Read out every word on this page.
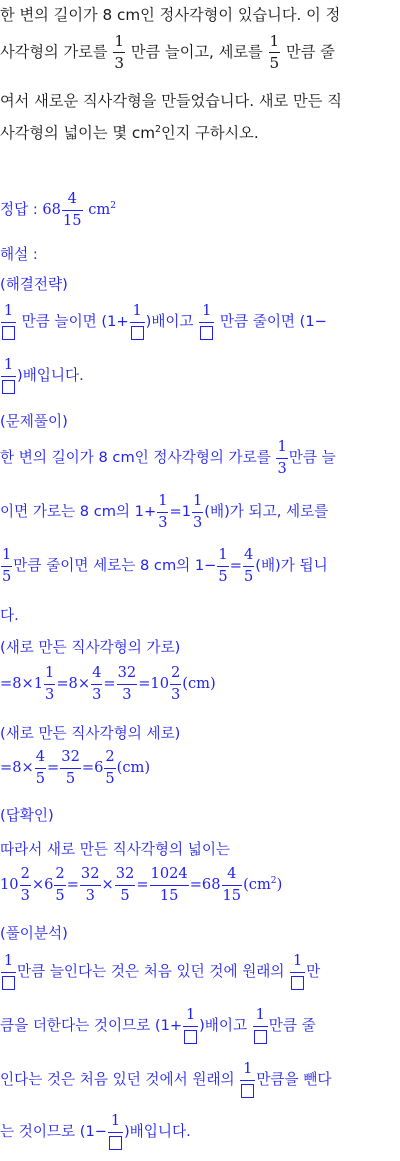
한 변의 길이가 8 cm인 정사각형이 있습니다. 이 정
사각형의 가로를 $\frac{1}{3}$ 만큼 늘이고, 세로를 $\frac{1}{5}$ 만큼 줄
여서 새로운 직사각형을 만들었습니다. 새로 만든 직
사각형의 넓이는 몇 $cm^2$인지 구하시오.
정답 : $68 \frac{4}{15} cm^2$
해설 :
(해결전략)
1
만큼 늘이면 (1+
1
)배이고
1
만큼 줄이면 (1−
1
)배입니다.
(문제풀이)
한 변의 길이가 8 cm인 정사각형의 가로를 $\frac{1}{3}$ 만큼 늘
이면 가로는 8 cm의 $1+ \frac{1}{3} =1 \frac{1}{3}$ (배)가 되고, 세로를
$\frac{1}{5}$ 만큼 줄이면 세로는 8 cm의 $1- \frac{1}{5} = \frac{4}{5}$ (배)가 됩니
다.
(새로 만든 직사각형의 가로)
$=8\times 1 \frac{1}{3} =8\times \frac{4}{3} = \frac{32}{3} =10 \frac{2}{3} (cm)$
(새로 만든 직사각형의 세로)
$=8\times \frac{4}{5} = \frac{32}{5} =6 \frac{2}{5} (cm)$
(답확인)
따라서 새로 만든 직사각형의 넓이는
$10 \frac{2}{3} \times 6 \frac{2}{5} = \frac{32}{3} \times \frac{32}{5} = \frac{1024}{15} =68 \frac{4}{15} (cm^2)$
(풀이분석)
1
만큼 늘인다는 것은 처음 있던 것에 원래의
1
만
큼을 더한다는 것이므로 (1+
1
)배이고
1
만큼 줄
인다는 것은 처음 있던 것에서 원래의
1
만큼을 뺀다
는 것이므로 (1−
1
)배입니다.
